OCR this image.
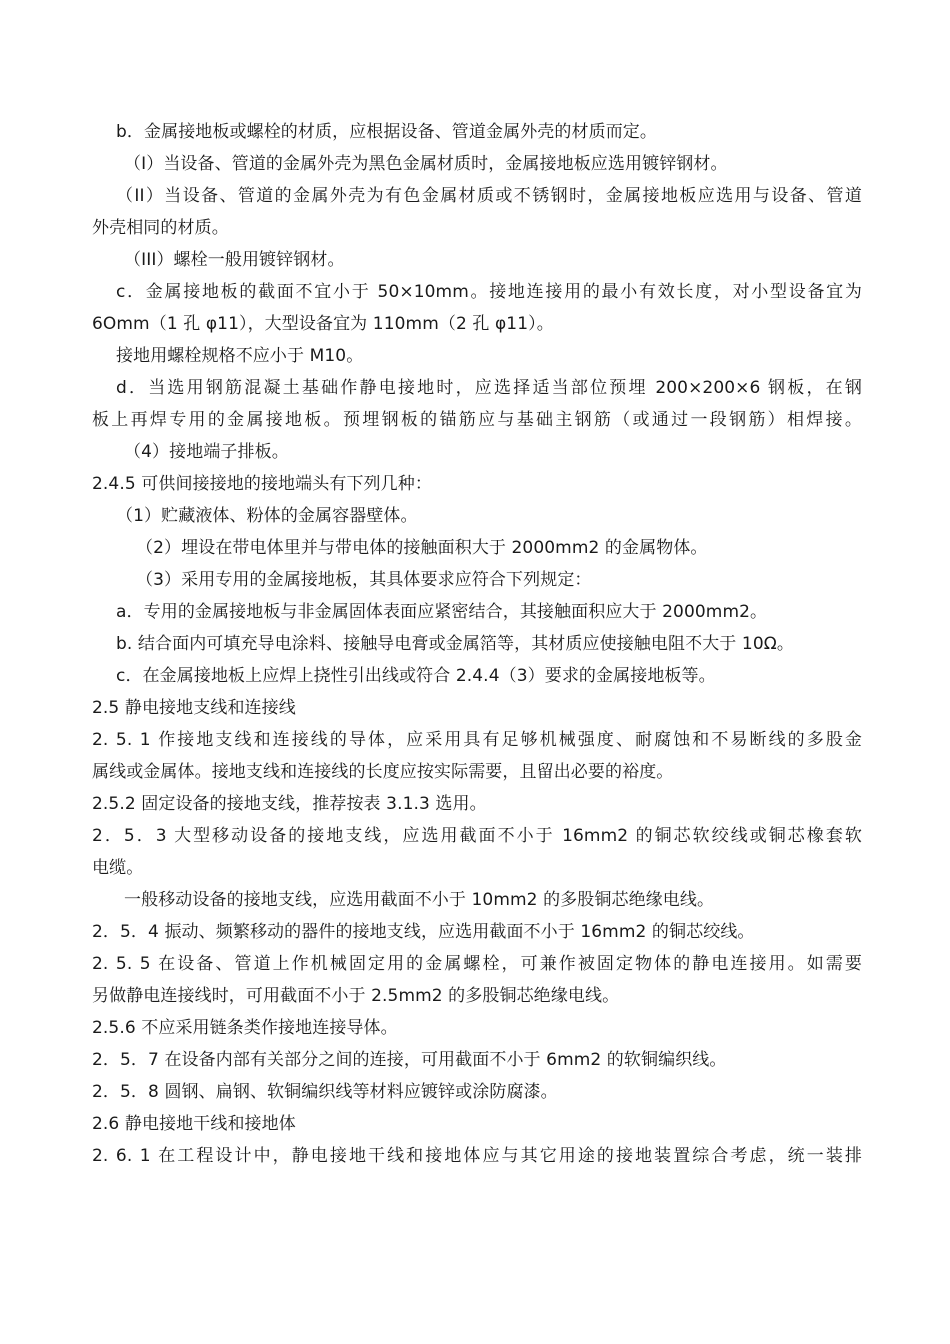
b．金属接地板或螺栓的材质，应根据设备、管道金属外壳的材质而定。
（I）当设备、管道的金属外壳为黑色金属材质时，金属接地板应选用镀锌钢材。
（II）当设备、管道的金属外壳为有色金属材质或不锈钢时，金属接地板应选用与设备、管道
外壳相同的材质。
（III）螺栓一般用镀锌钢材。
c．金属接地板的截面不宜小于 50×10mm。接地连接用的最小有效长度，对小型设备宜为
6Omm（1 孔 φ11），大型设备宜为 110mm（2 孔 φ11）。
接地用螺栓规格不应小于 M10。
d．当选用钢筋混凝土基础作静电接地时，应选择适当部位预埋 200×200×6 钢板，在钢
板上再焊专用的金属接地板。预埋钢板的锚筋应与基础主钢筋（或通过一段钢筋）相焊接。
（4）接地端子排板。
2.4.5 可供间接接地的接地端头有下列几种：
（1）贮藏液体、粉体的金属容器壁体。
（2）埋设在带电体里并与带电体的接触面积大于 2000mm2 的金属物体。
（3）采用专用的金属接地板，其具体要求应符合下列规定：
a．专用的金属接地板与非金属固体表面应紧密结合，其接触面积应大于 2000mm2。
b. 结合面内可填充导电涂料、接触导电膏或金属箔等，其材质应使接触电阻不大于 10Ω。
c．在金属接地板上应焊上挠性引出线或符合 2.4.4（3）要求的金属接地板等。
2.5 静电接地支线和连接线
2. 5. 1 作接地支线和连接线的导体，应采用具有足够机械强度、耐腐蚀和不易断线的多股金
属线或金属体。接地支线和连接线的长度应按实际需要，且留出必要的裕度。
2.5.2 固定设备的接地支线，推荐按表 3.1.3 选用。
2．5．3 大型移动设备的接地支线，应选用截面不小于 16mm2 的铜芯软绞线或铜芯橡套软
电缆。
一般移动设备的接地支线，应选用截面不小于 10mm2 的多股铜芯绝缘电线。
2．5．4 振动、频繁移动的器件的接地支线，应选用截面不小于 16mm2 的铜芯绞线。
2. 5. 5 在设备、管道上作机械固定用的金属螺栓，可兼作被固定物体的静电连接用。如需要
另做静电连接线时，可用截面不小于 2.5mm2 的多股铜芯绝缘电线。
2.5.6 不应采用链条类作接地连接导体。
2．5．7 在设备内部有关部分之间的连接，可用截面不小于 6mm2 的软铜编织线。
2．5．8 圆钢、扁钢、软铜编织线等材料应镀锌或涂防腐漆。
2.6 静电接地干线和接地体
2. 6. 1 在工程设计中，静电接地干线和接地体应与其它用途的接地装置综合考虑，统一装排
